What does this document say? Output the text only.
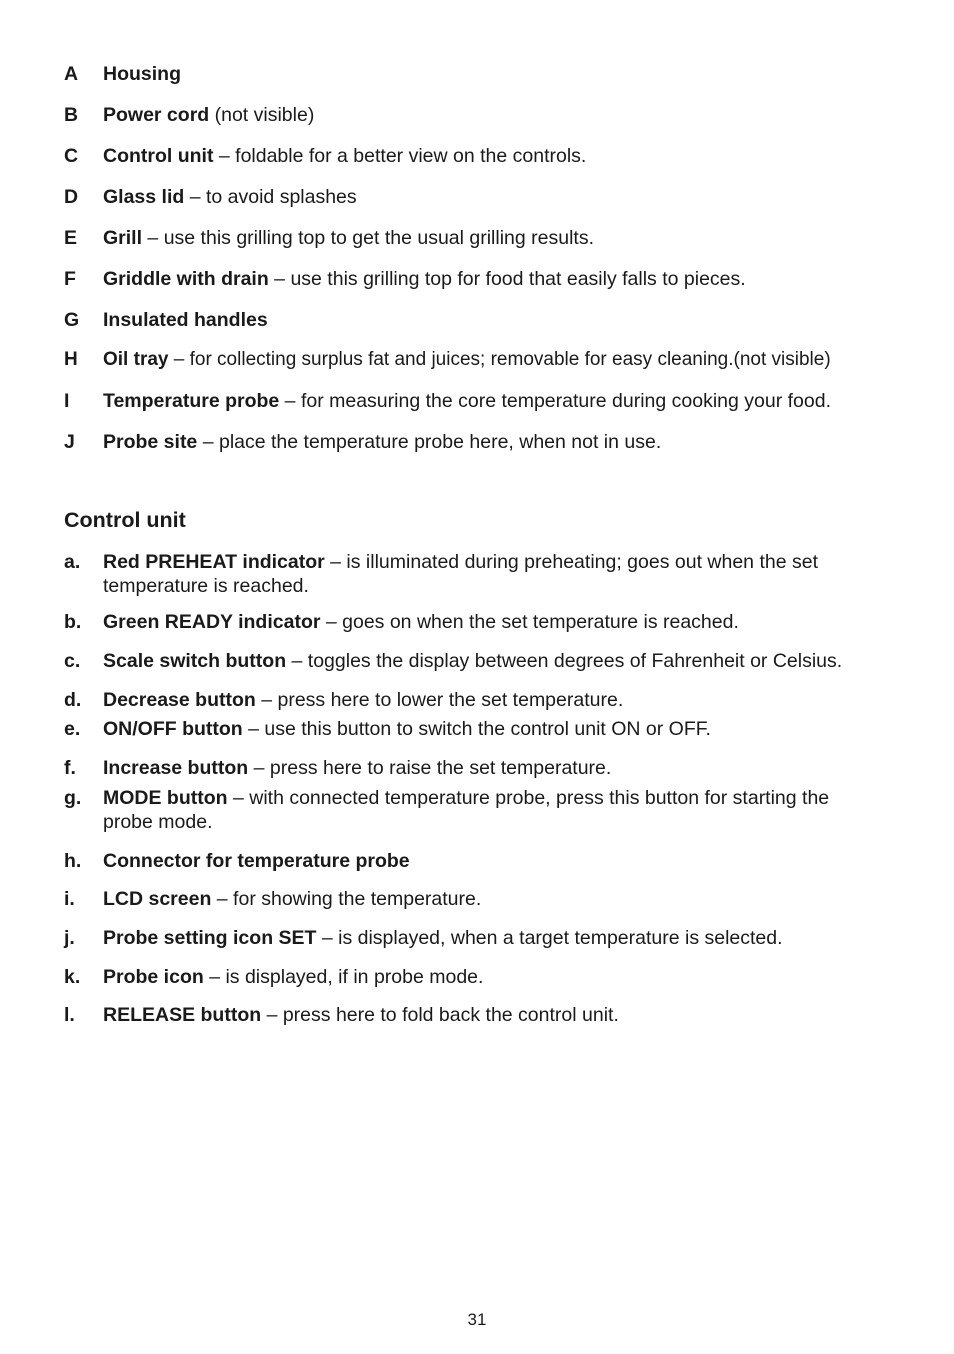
A Housing
B Power cord (not visible)
C Control unit – foldable for a better view on the controls.
D Glass lid – to avoid splashes
E Grill – use this grilling top to get the usual grilling results.
F Griddle with drain – use this grilling top for food that easily falls to pieces.
G Insulated handles
H Oil tray – for collecting surplus fat and juices; removable for easy cleaning.(not visible)
I Temperature probe – for measuring the core temperature during cooking your food.
J Probe site – place the temperature probe here, when not in use.
Control unit
a. Red PREHEAT indicator – is illuminated during preheating; goes out when the set temperature is reached.
b. Green READY indicator – goes on when the set temperature is reached.
c. Scale switch button – toggles the display between degrees of Fahrenheit or Celsius.
d. Decrease button – press here to lower the set temperature.
e. ON/OFF button – use this button to switch the control unit ON or OFF.
f. Increase button – press here to raise the set temperature.
g. MODE button – with connected temperature probe, press this button for starting the probe mode.
h. Connector for temperature probe
i. LCD screen – for showing the temperature.
j. Probe setting icon SET – is displayed, when a target temperature is selected.
k. Probe icon – is displayed, if in probe mode.
l. RELEASE button – press here to fold back the control unit.
31
